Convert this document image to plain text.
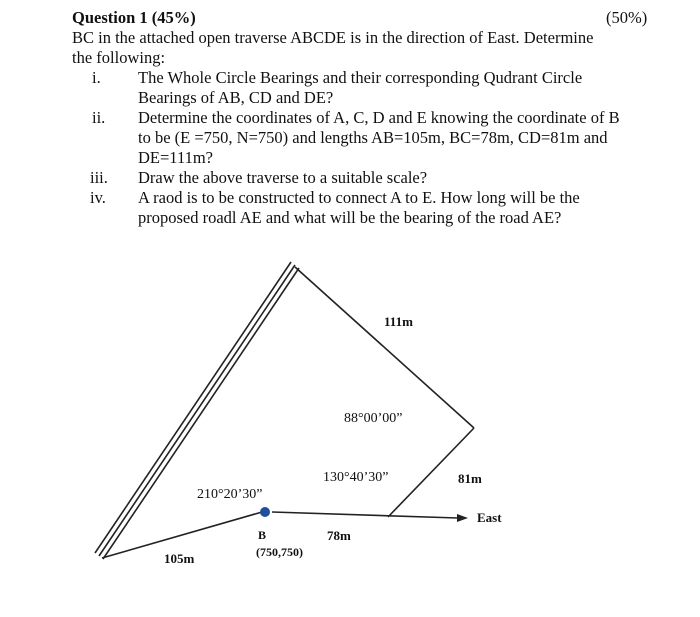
Question 1 (45%)	(50%)
BC in the attached open traverse ABCDE is in the direction of East. Determine
the following:
i. The Whole Circle Bearings and their corresponding Qudrant Circle
Bearings of AB, CD and DE?
ii. Determine the coordinates of A, C, D and E knowing the coordinate of B
to be (E =750, N=750) and lengths AB=105m, BC=78m, CD=81m and
DE=111m?
iii. Draw the above traverse to a suitable scale?
iv. A raod is to be constructed to connect A to E. How long will be the
proposed roadl AE and what will be the bearing of the road AE?
111m
88°00’00”
130°40’30”	81m
210°20’30”
East
B
(750,750)
78m
105m
